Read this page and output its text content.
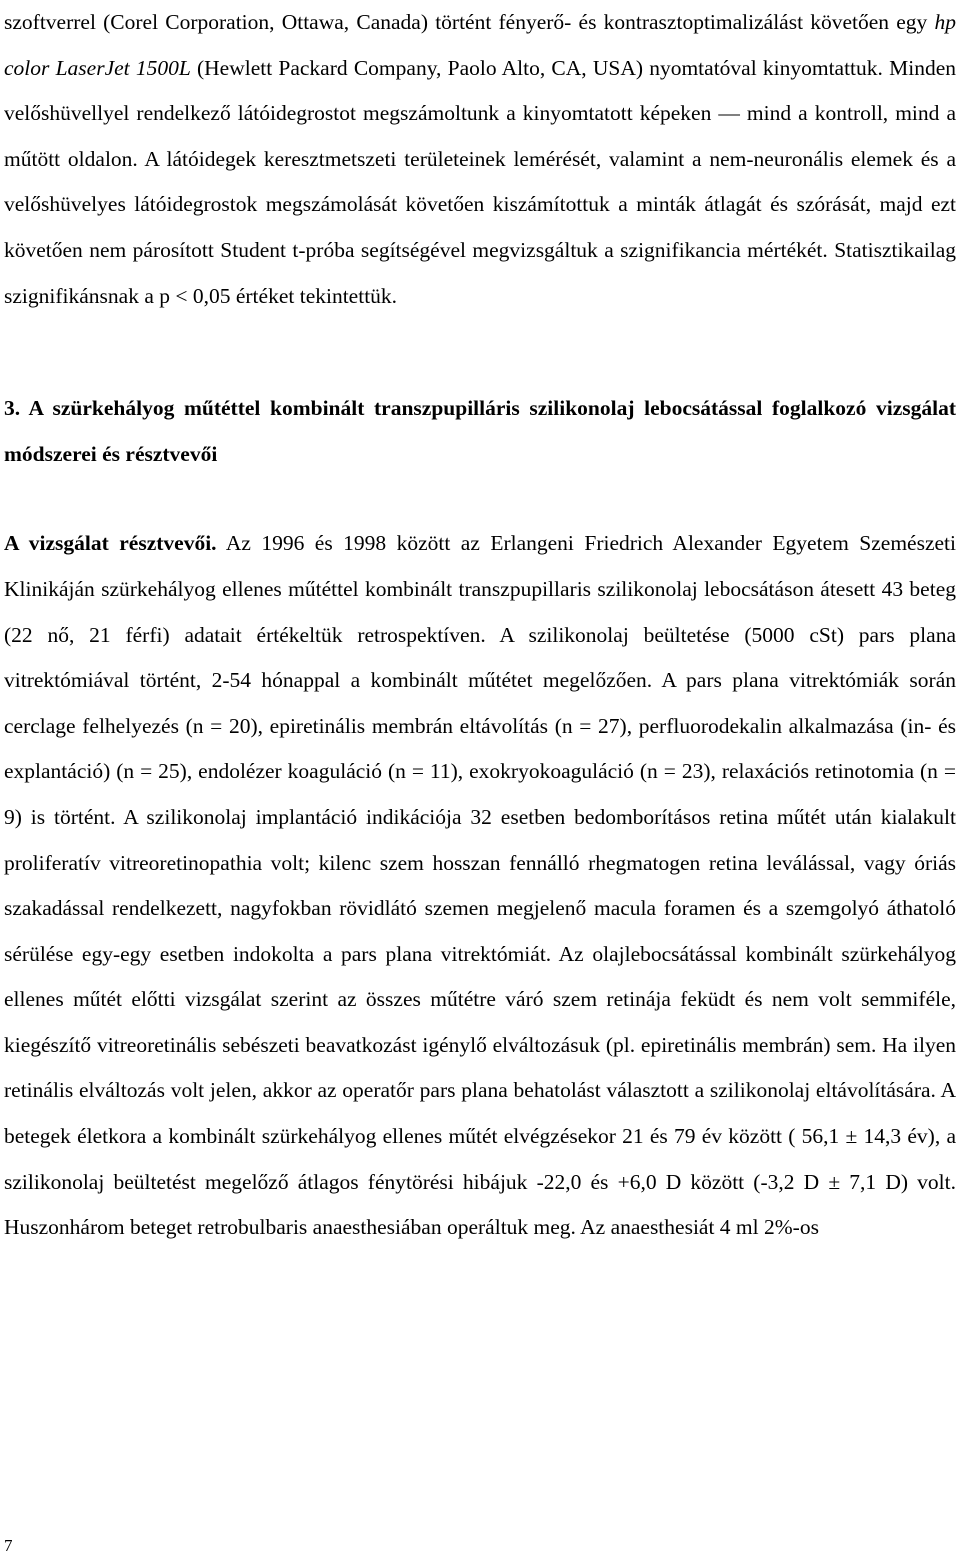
szoftverrel (Corel Corporation, Ottawa, Canada) történt fényerő- és kontrasztoptimalizálást követően egy hp color LaserJet 1500L (Hewlett Packard Company, Paolo Alto, CA, USA) nyomtatóval kinyomtattuk. Minden velőshüvellyel rendelkező látóidegrostot megszámoltunk a kinyomtatott képeken — mind a kontroll, mind a műtött oldalon. A látóidegek keresztmetszeti területeinek lemérését, valamint a nem-neuronális elemek és a velőshüvelyes látóidegrostok megszámolását követően kiszámítottuk a minták átlagát és szórását, majd ezt követően nem párosított Student t-próba segítségével megvizsgáltuk a szignifikancia mértékét. Statisztikailag szignifikánsnak a p < 0,05 értéket tekintettük.

3. A szürkehályog műtéttel kombinált transzpupilláris szilikonolaj lebocsátással foglalkozó vizsgálat módszerei és résztvevői

A vizsgálat résztvevői. Az 1996 és 1998 között az Erlangeni Friedrich Alexander Egyetem Szemészeti Klinikáján szürkehályog ellenes műtéttel kombinált transzpupillaris szilikonolaj lebocsátáson átesett 43 beteg (22 nő, 21 férfi) adatait értékeltük retrospektíven. A szilikonolaj beültetése (5000 cSt) pars plana vitrektómiával történt, 2-54 hónappal a kombinált műtétet megelőzően. A pars plana vitrektómiák során cerclage felhelyezés (n = 20), epiretinális membrán eltávolítás (n = 27), perfluorodekalin alkalmazása (in- és explantáció) (n = 25), endolézer koaguláció (n = 11), exokryokoaguláció (n = 23), relaxációs retinotomia (n = 9) is történt. A szilikonolaj implantáció indikációja 32 esetben bedomborításos retina műtét után kialakult proliferatív vitreoretinopathia volt; kilenc szem hosszan fennálló rhegmatogen retina leválással, vagy óriás szakadással rendelkezett, nagyfokban rövidlátó szemen megjelenő macula foramen és a szemgolyó áthatoló sérülése egy-egy esetben indokolta a pars plana vitrektómiát. Az olajlebocsátással kombinált szürkehályog ellenes műtét előtti vizsgálat szerint az összes műtétre váró szem retinája feküdt és nem volt semmiféle, kiegészítő vitreoretinális sebészeti beavatkozást igénylő elváltozásuk (pl. epiretinális membrán) sem. Ha ilyen retinális elváltozás volt jelen, akkor az operatőr pars plana behatolást választott a szilikonolaj eltávolítására. A betegek életkora a kombinált szürkehályog ellenes műtét elvégzésekor 21 és 79 év között ( 56,1 ± 14,3 év), a szilikonolaj beültetést megelőző átlagos fénytörési hibájuk -22,0 és +6,0 D között (-3,2 D ± 7,1 D) volt. Huszonhárom beteget retrobulbaris anaesthesiában operáltuk meg. Az anaesthesiát 4 ml 2%-os

7
